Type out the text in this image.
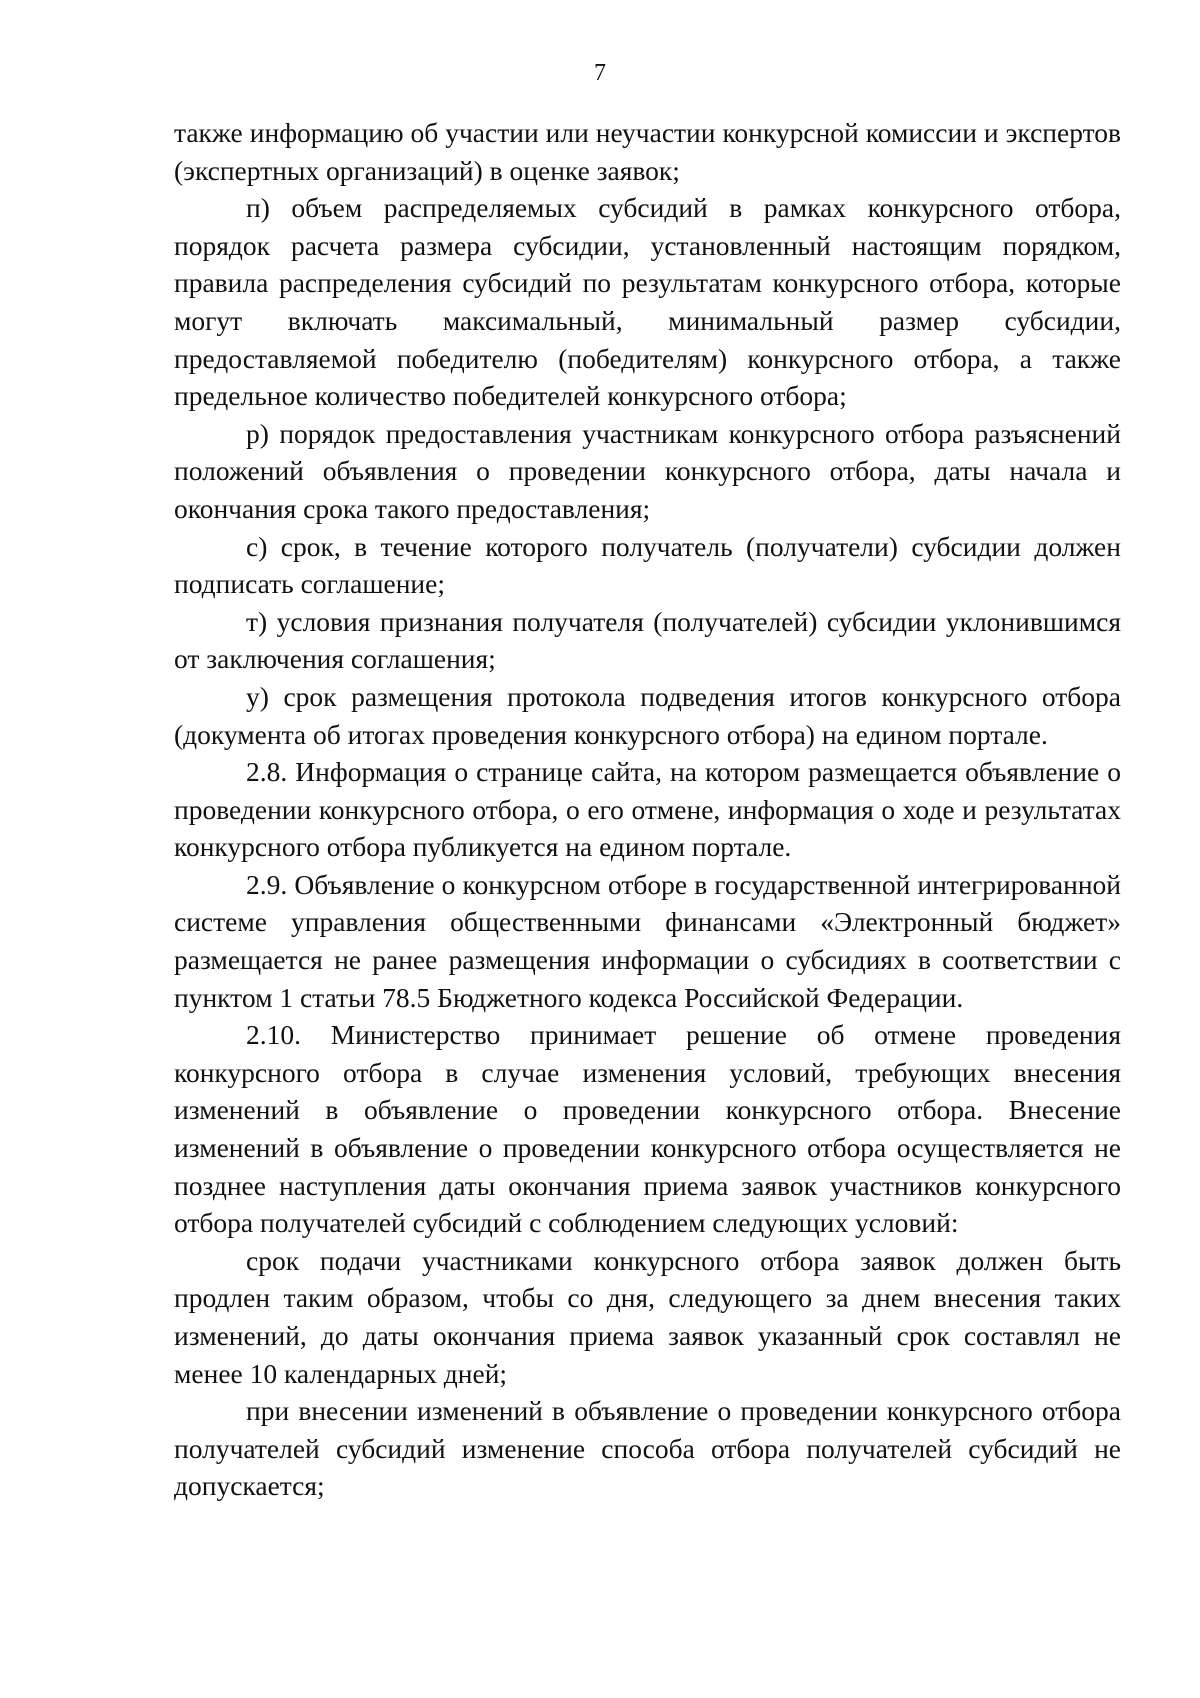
7

также информацию об участии или неучастии конкурсной комиссии и экспертов (экспертных организаций) в оценке заявок;

п) объем распределяемых субсидий в рамках конкурсного отбора, порядок расчета размера субсидии, установленный настоящим порядком, правила распределения субсидий по результатам конкурсного отбора, которые могут включать максимальный, минимальный размер субсидии, предоставляемой победителю (победителям) конкурсного отбора, а также предельное количество победителей конкурсного отбора;

р) порядок предоставления участникам конкурсного отбора разъяснений положений объявления о проведении конкурсного отбора, даты начала и окончания срока такого предоставления;

с) срок, в течение которого получатель (получатели) субсидии должен подписать соглашение;

т) условия признания получателя (получателей) субсидии уклонившимся от заключения соглашения;

у) срок размещения протокола подведения итогов конкурсного отбора (документа об итогах проведения конкурсного отбора) на едином портале.

2.8. Информация о странице сайта, на котором размещается объявление о проведении конкурсного отбора, о его отмене, информация о ходе и результатах конкурсного отбора публикуется на едином портале.

2.9. Объявление о конкурсном отборе в государственной интегрированной системе управления общественными финансами «Электронный бюджет» размещается не ранее размещения информации о субсидиях в соответствии с пунктом 1 статьи 78.5 Бюджетного кодекса Российской Федерации.

2.10. Министерство принимает решение об отмене проведения конкурсного отбора в случае изменения условий, требующих внесения изменений в объявление о проведении конкурсного отбора. Внесение изменений в объявление о проведении конкурсного отбора осуществляется не позднее наступления даты окончания приема заявок участников конкурсного отбора получателей субсидий с соблюдением следующих условий:

срок подачи участниками конкурсного отбора заявок должен быть продлен таким образом, чтобы со дня, следующего за днем внесения таких изменений, до даты окончания приема заявок указанный срок составлял не менее 10 календарных дней;

при внесении изменений в объявление о проведении конкурсного отбора получателей субсидий изменение способа отбора получателей субсидий не допускается;
